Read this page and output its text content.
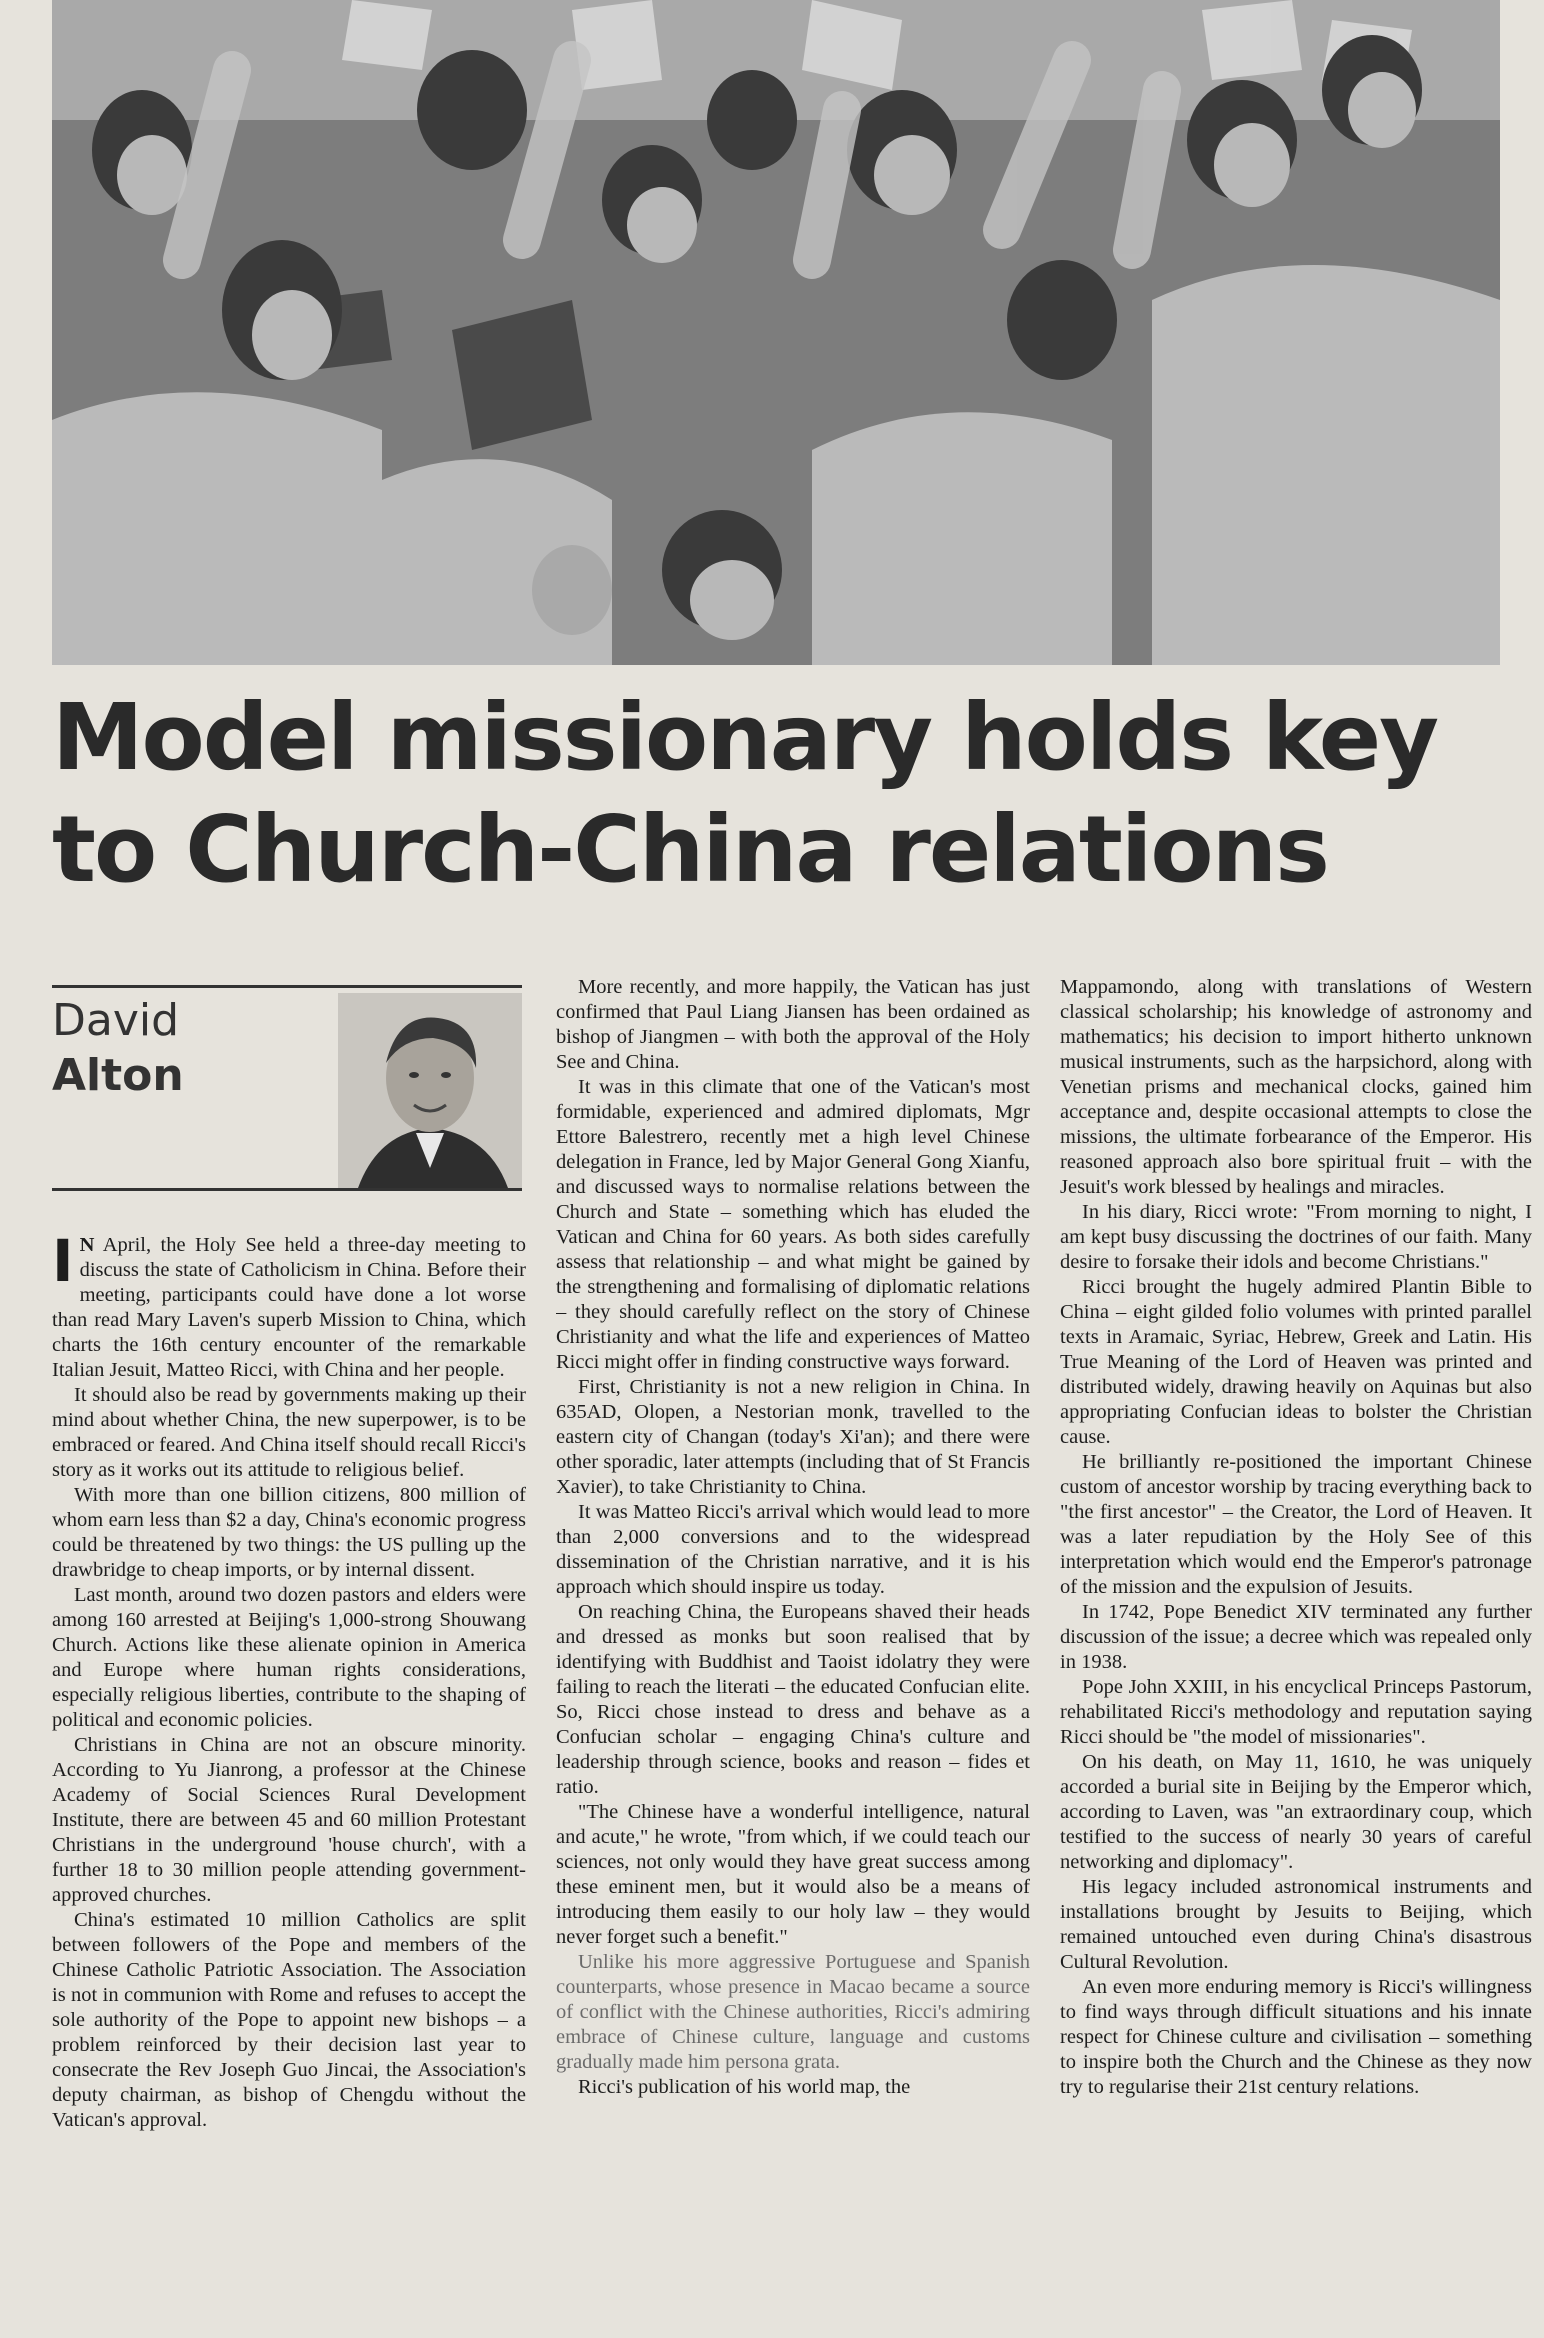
Model missionary holds key
to Church-China relations
David
Alton

I N April, the Holy See held a three-day meeting to discuss the state of Catholicism in China. Before their meeting, participants could have done a lot worse than read Mary Laven's superb Mission to China, which charts the 16th century encounter of the remarkable Italian Jesuit, Matteo Ricci, with China and her people.

It should also be read by governments making up their mind about whether China, the new superpower, is to be embraced or feared. And China itself should recall Ricci's story as it works out its attitude to religious belief.

With more than one billion citizens, 800 million of whom earn less than $2 a day, China's economic progress could be threatened by two things: the US pulling up the drawbridge to cheap imports, or by internal dissent.

Last month, around two dozen pastors and elders were among 160 arrested at Beijing's 1,000-strong Shouwang Church. Actions like these alienate opinion in America and Europe where human rights considerations, especially religious liberties, contribute to the shaping of political and economic policies.

Christians in China are not an obscure minority. According to Yu Jianrong, a professor at the Chinese Academy of Social Sciences Rural Development Institute, there are between 45 and 60 million Protestant Christians in the underground 'house church', with a further 18 to 30 million people attending government-approved churches.

China's estimated 10 million Catholics are split between followers of the Pope and members of the Chinese Catholic Patriotic Association. The Association is not in communion with Rome and refuses to accept the sole authority of the Pope to appoint new bishops – a problem reinforced by their decision last year to consecrate the Rev Joseph Guo Jincai, the Association's deputy chairman, as bishop of Chengdu without the Vatican's approval.

More recently, and more happily, the Vatican has just confirmed that Paul Liang Jiansen has been ordained as bishop of Jiangmen – with both the approval of the Holy See and China.

It was in this climate that one of the Vatican's most formidable, experienced and admired diplomats, Mgr Ettore Balestrero, recently met a high level Chinese delegation in France, led by Major General Gong Xianfu, and discussed ways to normalise relations between the Church and State – something which has eluded the Vatican and China for 60 years. As both sides carefully assess that relationship – and what might be gained by the strengthening and formalising of diplomatic relations – they should carefully reflect on the story of Chinese Christianity and what the life and experiences of Matteo Ricci might offer in finding constructive ways forward.

First, Christianity is not a new religion in China. In 635AD, Olopen, a Nestorian monk, travelled to the eastern city of Changan (today's Xi'an); and there were other sporadic, later attempts (including that of St Francis Xavier), to take Christianity to China.

It was Matteo Ricci's arrival which would lead to more than 2,000 conversions and to the widespread dissemination of the Christian narrative, and it is his approach which should inspire us today.

On reaching China, the Europeans shaved their heads and dressed as monks but soon realised that by identifying with Buddhist and Taoist idolatry they were failing to reach the literati – the educated Confucian elite. So, Ricci chose instead to dress and behave as a Confucian scholar – engaging China's culture and leadership through science, books and reason – fides et ratio.

"The Chinese have a wonderful intelligence, natural and acute," he wrote, "from which, if we could teach our sciences, not only would they have great success among these eminent men, but it would also be a means of introducing them easily to our holy law – they would never forget such a benefit."

Unlike his more aggressive Portuguese and Spanish counterparts, whose presence in Macao became a source of conflict with the Chinese authorities, Ricci's admiring embrace of Chinese culture, language and customs gradually made him persona grata.

Ricci's publication of his world map, the

Mappamondo, along with translations of Western classical scholarship; his knowledge of astronomy and mathematics; his decision to import hitherto unknown musical instruments, such as the harpsichord, along with Venetian prisms and mechanical clocks, gained him acceptance and, despite occasional attempts to close the missions, the ultimate forbearance of the Emperor. His reasoned approach also bore spiritual fruit – with the Jesuit's work blessed by healings and miracles.

In his diary, Ricci wrote: "From morning to night, I am kept busy discussing the doctrines of our faith. Many desire to forsake their idols and become Christians."

Ricci brought the hugely admired Plantin Bible to China – eight gilded folio volumes with printed parallel texts in Aramaic, Syriac, Hebrew, Greek and Latin. His True Meaning of the Lord of Heaven was printed and distributed widely, drawing heavily on Aquinas but also appropriating Confucian ideas to bolster the Christian cause.

He brilliantly re-positioned the important Chinese custom of ancestor worship by tracing everything back to "the first ancestor" – the Creator, the Lord of Heaven. It was a later repudiation by the Holy See of this interpretation which would end the Emperor's patronage of the mission and the expulsion of Jesuits.

In 1742, Pope Benedict XIV terminated any further discussion of the issue; a decree which was repealed only in 1938.

Pope John XXIII, in his encyclical Princeps Pastorum, rehabilitated Ricci's methodology and reputation saying Ricci should be "the model of missionaries".

On his death, on May 11, 1610, he was uniquely accorded a burial site in Beijing by the Emperor which, according to Laven, was "an extraordinary coup, which testified to the success of nearly 30 years of careful networking and diplomacy".

His legacy included astronomical instruments and installations brought by Jesuits to Beijing, which remained untouched even during China's disastrous Cultural Revolution.

An even more enduring memory is Ricci's willingness to find ways through difficult situations and his innate respect for Chinese culture and civilisation – something to inspire both the Church and the Chinese as they now try to regularise their 21st century relations.
